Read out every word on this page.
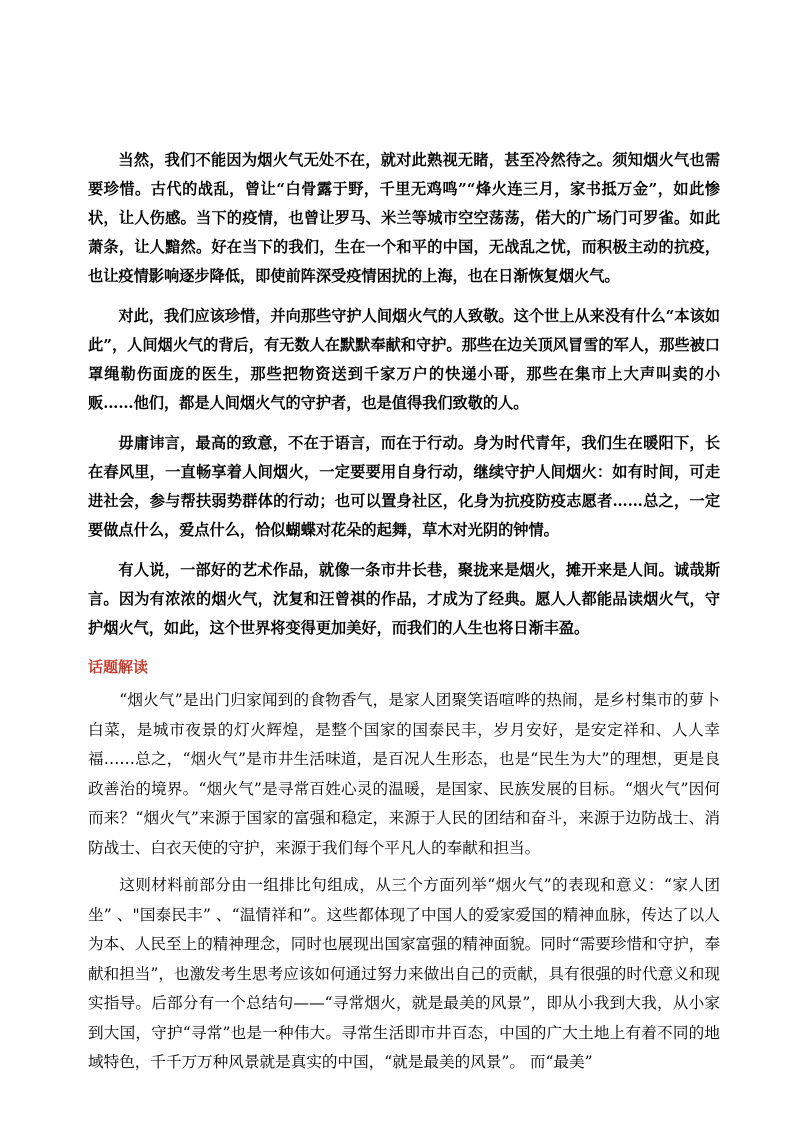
当然，我们不能因为烟火气无处不在，就对此熟视无睹，甚至冷然待之。须知烟火气也需要珍惜。古代的战乱，曾让“白骨露于野，千里无鸡鸣”“烽火连三月，家书抵万金”，如此惨状，让人伤感。当下的疫情，也曾让罗马、米兰等城市空空荡荡，偌大的广场门可罗雀。如此萧条，让人黯然。好在当下的我们，生在一个和平的中国，无战乱之忧，而积极主动的抗疫，也让疫情影响逐步降低，即使前阵深受疫情困扰的上海，也在日渐恢复烟火气。

对此，我们应该珍惜，并向那些守护人间烟火气的人致敬。这个世上从来没有什么“本该如此”，人间烟火气的背后，有无数人在默默奉献和守护。那些在边关顶风冒雪的军人，那些被口罩绳勒伤面庞的医生，那些把物资送到千家万户的快递小哥，那些在集市上大声叫卖的小贩……他们，都是人间烟火气的守护者，也是值得我们致敬的人。

毋庸讳言，最高的致意，不在于语言，而在于行动。身为时代青年，我们生在暖阳下，长在春风里，一直畅享着人间烟火，一定要要用自身行动，继续守护人间烟火：如有时间，可走进社会，参与帮扶弱势群体的行动；也可以置身社区，化身为抗疫防疫志愿者……总之，一定要做点什么，爱点什么，恰似蝴蝶对花朵的起舞，草木对光阴的钟情。

有人说，一部好的艺术作品，就像一条市井长巷，聚拢来是烟火，摊开来是人间。诚哉斯言。因为有浓浓的烟火气，沈复和汪曾祺的作品，才成为了经典。愿人人都能品读烟火气，守护烟火气，如此，这个世界将变得更加美好，而我们的人生也将日渐丰盈。

话题解读

“烟火气”是出门归家闻到的食物香气，是家人团聚笑语喧哗的热闹，是乡村集市的萝卜白菜，是城市夜景的灯火辉煌，是整个国家的国泰民丰，岁月安好，是安定祥和、人人幸福……总之，“烟火气”是市井生活味道，是百况人生形态，也是“民生为大”的理想，更是良政善治的境界。“烟火气”是寻常百姓心灵的温暖，是国家、民族发展的目标。“烟火气”因何而来？“烟火气”来源于国家的富强和稳定，来源于人民的团结和奋斗，来源于边防战士、消防战士、白衣天使的守护，来源于我们每个平凡人的奉献和担当。

这则材料前部分由一组排比句组成，从三个方面列举“烟火气”的表现和意义：“家人团坐” 、"国泰民丰” 、“温情祥和”。这些都体现了中国人的爱家爱国的精神血脉，传达了以人为本、人民至上的精神理念，同时也展现出国家富强的精神面貌。同时“需要珍惜和守护，奉献和担当”，也激发考生思考应该如何通过努力来做出自己的贡献，具有很强的时代意义和现实指导。后部分有一个总结句——“寻常烟火，就是最美的风景”，即从小我到大我，从小家到大国，守护“寻常”也是一种伟大。寻常生活即市井百态，中国的广大土地上有着不同的地域特色，千千万万种风景就是真实的中国，“就是最美的风景”。 而“最美”
